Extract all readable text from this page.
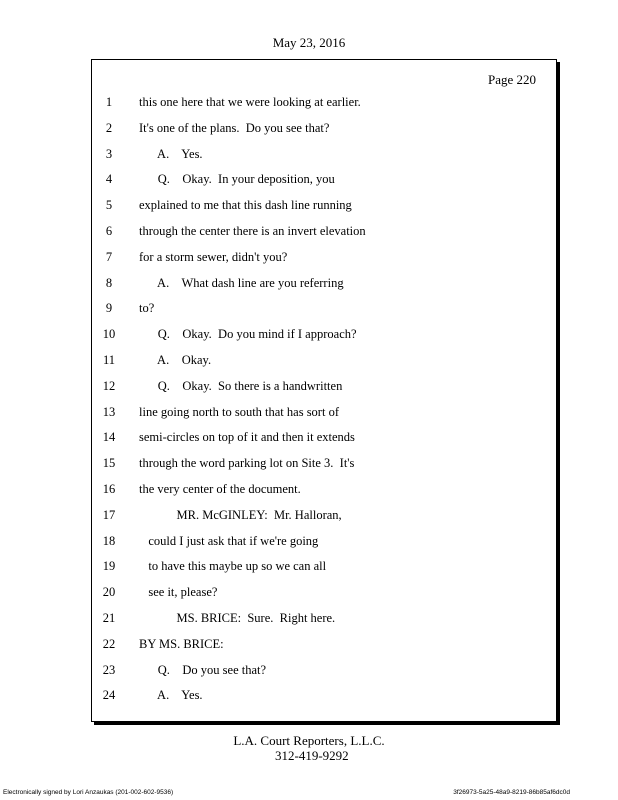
May 23, 2016
Page 220
1	this one here that we were looking at earlier.
2	It's one of the plans.  Do you see that?
3	A.    Yes.
4	Q.    Okay.  In your deposition, you
5	explained to me that this dash line running
6	through the center there is an invert elevation
7	for a storm sewer, didn't you?
8	A.    What dash line are you referring
9	to?
10	Q.    Okay.  Do you mind if I approach?
11	A.    Okay.
12	Q.    Okay.  So there is a handwritten
13	line going north to south that has sort of
14	semi-circles on top of it and then it extends
15	through the word parking lot on Site 3.  It's
16	the very center of the document.
17	MR. McGINLEY:  Mr. Halloran,
18	could I just ask that if we're going
19	to have this maybe up so we can all
20	see it, please?
21	MS. BRICE:  Sure.  Right here.
22	BY MS. BRICE:
23	Q.    Do you see that?
24	A.    Yes.
L.A. Court Reporters, L.L.C.
312-419-9292
Electronically signed by Lori Anzaukas (201-002-602-9536)	3f26973-5a25-48a9-8219-86b85af6dc0d
